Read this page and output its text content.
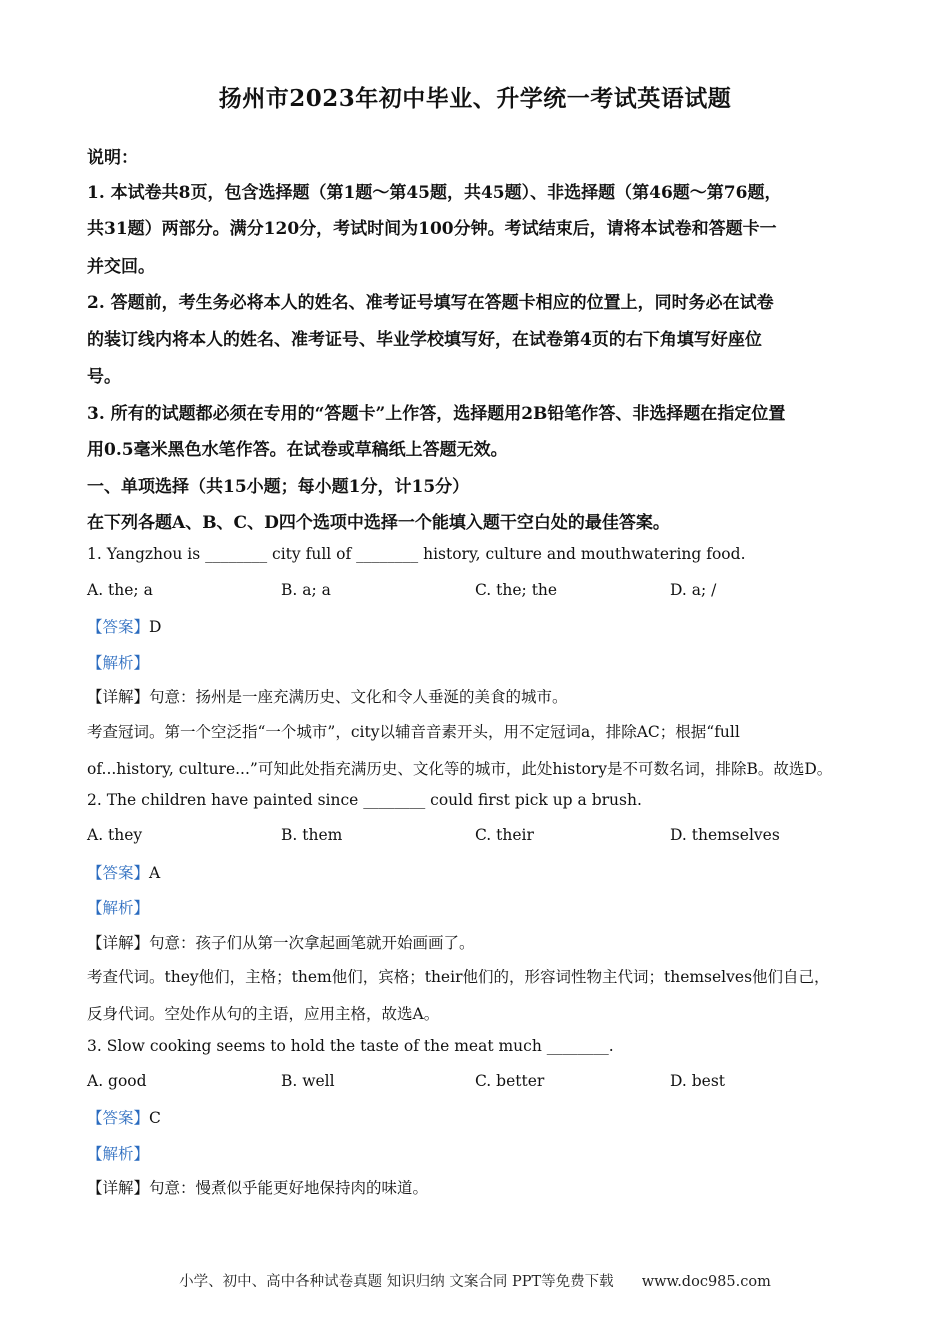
扬州市2023年初中毕业、升学统一考试英语试题
说明：
1. 本试卷共8页，包含选择题（第1题～第45题，共45题）、非选择题（第46题～第76题，
共31题）两部分。满分120分，考试时间为100分钟。考试结束后，请将本试卷和答题卡一
并交回。
2. 答题前，考生务必将本人的姓名、准考证号填写在答题卡相应的位置上，同时务必在试卷
的装订线内将本人的姓名、准考证号、毕业学校填写好，在试卷第4页的右下角填写好座位
号。
3. 所有的试题都必须在专用的“答题卡”上作答，选择题用2B铅笔作答、非选择题在指定位置
用0.5毫米黑色水笔作答。在试卷或草稿纸上答题无效。
一、单项选择（共15小题；每小题1分，计15分）
在下列各题A、B、C、D四个选项中选择一个能填入题干空白处的最佳答案。
1. Yangzhou is ________ city full of ________ history, culture and mouthwatering food.
A. the; a	B. a; a	C. the; the	D. a; /
【答案】D
【解析】
【详解】句意：扬州是一座充满历史、文化和令人垂涎的美食的城市。
考查冠词。第一个空泛指“一个城市”，city以辅音音素开头，用不定冠词a，排除AC；根据“full
of...history, culture...”可知此处指充满历史、文化等的城市，此处history是不可数名词，排除B。故选D。
2. The children have painted since ________ could first pick up a brush.
A. they	B. them	C. their	D. themselves
【答案】A
【解析】
【详解】句意：孩子们从第一次拿起画笔就开始画画了。
考查代词。they他们，主格；them他们，宾格；their他们的，形容词性物主代词；themselves他们自己，
反身代词。空处作从句的主语，应用主格，故选A。
3. Slow cooking seems to hold the taste of the meat much ________.
A. good	B. well	C. better	D. best
【答案】C
【解析】
【详解】句意：慢煮似乎能更好地保持肉的味道。
小学、初中、高中各种试卷真题 知识归纳 文案合同 PPT等免费下载 www.doc985.com
